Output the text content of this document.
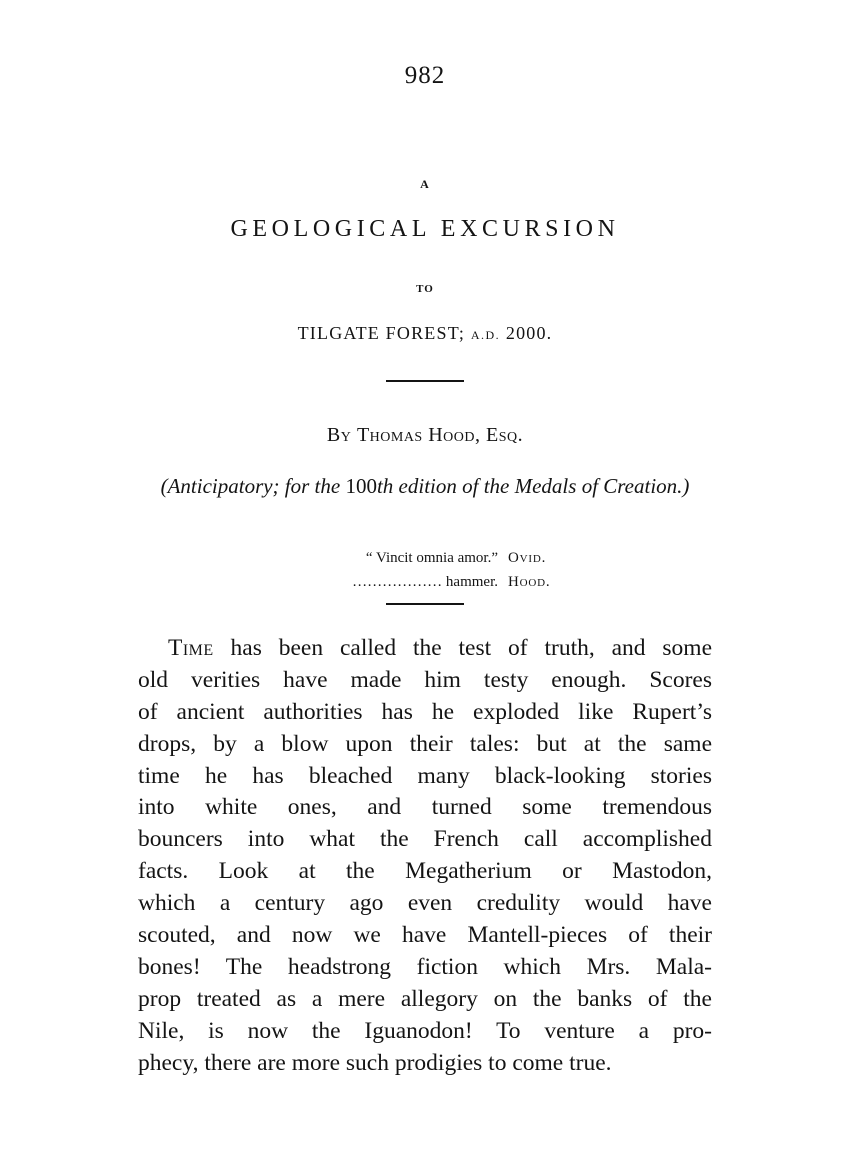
982
A
GEOLOGICAL EXCURSION
TO
TILGATE FOREST; A.D. 2000.
By Thomas Hood, Esq.
(Anticipatory; for the 100th edition of the Medals of Creation.)
“ Vincit omnia amor.” Ovid.
……………… hammer. Hood.
Time has been called the test of truth, and some
old verities have made him testy enough. Scores
of ancient authorities has he exploded like Rupert’s
drops, by a blow upon their tales: but at the same
time he has bleached many black-looking stories
into white ones, and turned some tremendous
bouncers into what the French call accomplished
facts. Look at the Megatherium or Mastodon,
which a century ago even credulity would have
scouted, and now we have Mantell-pieces of their
bones! The headstrong fiction which Mrs. Mala-
prop treated as a mere allegory on the banks of the
Nile, is now the Iguanodon! To venture a pro-
phecy, there are more such prodigies to come true.
